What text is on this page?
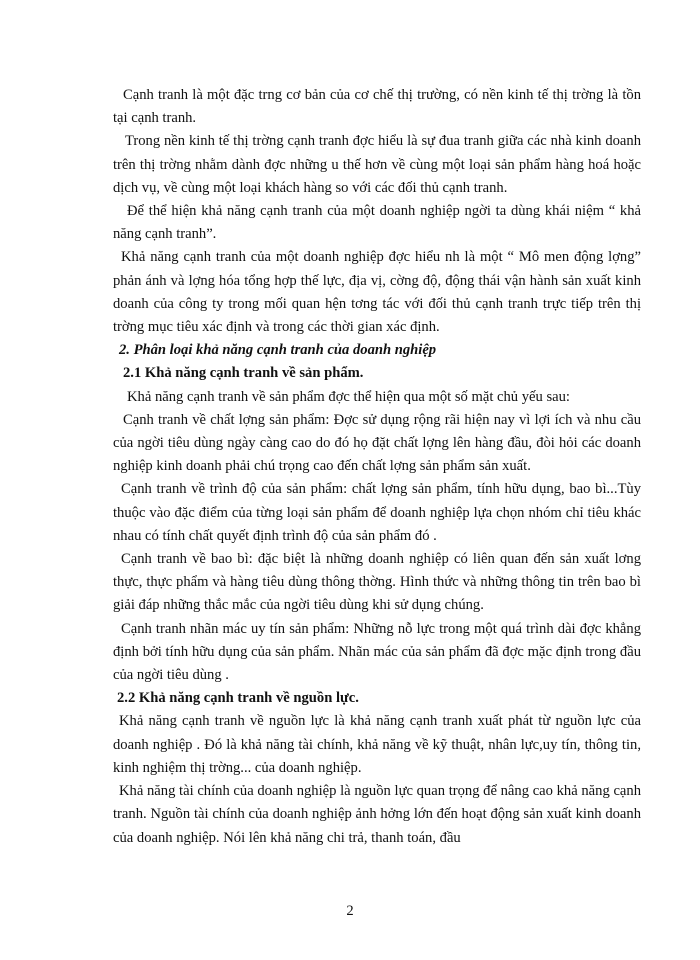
Cạnh tranh là một đặc trng cơ bản của cơ chế thị trường, có nền kinh tế thị trờng là tồn tại cạnh tranh.

Trong nền kinh tế thị trờng cạnh tranh đợc hiểu là sự đua tranh giữa các nhà kinh doanh trên thị trờng nhằm dành đợc những u thế hơn về cùng một loại sản phẩm hàng hoá hoặc dịch vụ, về cùng một loại khách hàng so với các đối thủ cạnh tranh.

Để thể hiện khả năng cạnh tranh của một doanh nghiệp ngời ta dùng khái niệm “ khả năng cạnh tranh”.

Khả năng cạnh tranh của một doanh nghiệp đợc hiểu nh là một “ Mô men động lợng” phản ánh và lợng hóa tổng hợp thế lực, địa vị, cờng độ, động thái vận hành sản xuất kinh doanh của công ty trong mối quan hện tơng tác với đối thủ cạnh tranh trực tiếp trên thị trờng mục tiêu xác định và trong các thời gian xác định.

2. Phân loại khả năng cạnh tranh của doanh nghiệp

2.1 Khả năng cạnh tranh về sản phẩm.

Khả năng cạnh tranh về sản phẩm đợc thể hiện qua một số mặt chủ yếu sau:

Cạnh tranh về chất lợng sản phẩm: Đợc sử dụng rộng rãi hiện nay vì lợi ích và nhu cầu của ngời tiêu dùng ngày càng cao do đó họ đặt chất lợng lên hàng đầu, đòi hỏi các doanh nghiệp kinh doanh phải chú trọng cao đến chất lợng sản phẩm sản xuất.

Cạnh tranh về trình độ của sản phẩm: chất lợng sản phẩm, tính hữu dụng, bao bì...Tùy thuộc vào đặc điểm của từng loại sản phẩm để doanh nghiệp lựa chọn nhóm chỉ tiêu khác nhau có tính chất quyết định trình độ của sản phẩm đó .

Cạnh tranh về bao bì: đặc biệt là những doanh nghiệp có liên quan đến sản xuất lơng thực, thực phẩm và hàng tiêu dùng thông thờng. Hình thức và những thông tin trên bao bì giải đáp những thắc mắc của ngời tiêu dùng khi sử dụng chúng.

Cạnh tranh nhãn mác uy tín sản phẩm: Những nỗ lực trong một quá trình dài đợc khẳng định bởi tính hữu dụng của sản phẩm. Nhãn mác của sản phẩm đã đợc mặc định trong đầu của ngời tiêu dùng .

2.2 Khả năng cạnh tranh về nguồn lực.

Khả năng cạnh tranh về nguồn lực là khả năng cạnh tranh xuất phát từ nguồn lực của doanh nghiệp . Đó là khả năng tài chính, khả năng về kỹ thuật, nhân lực,uy tín, thông tin, kinh nghiệm thị trờng... của doanh nghiệp.

Khả năng tài chính của doanh nghiệp là nguồn lực quan trọng để nâng cao khả năng cạnh tranh. Nguồn tài chính của doanh nghiệp ảnh hởng lớn đến hoạt động sản xuất kinh doanh của doanh nghiệp. Nói lên khả năng chi trả, thanh toán, đầu

2
